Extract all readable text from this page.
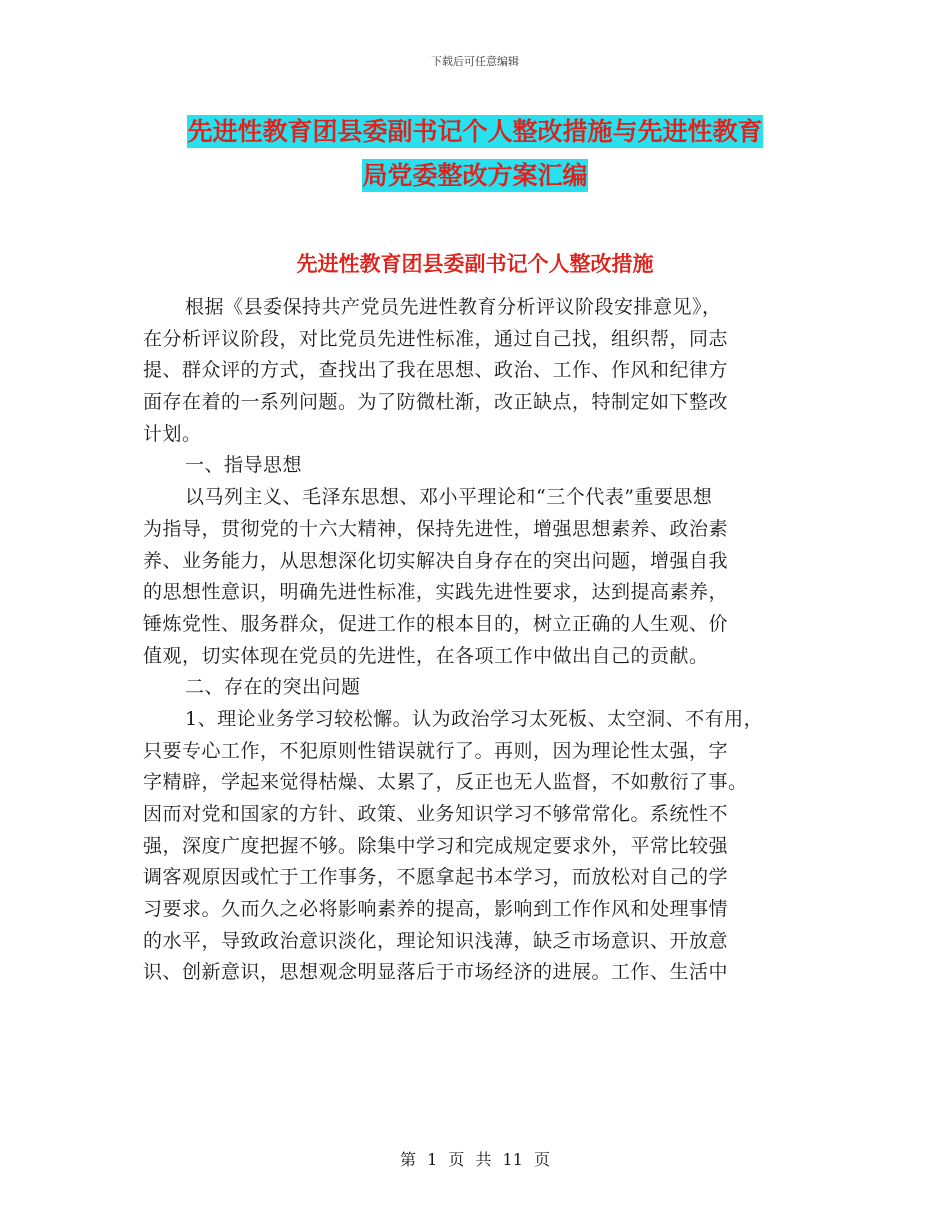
下载后可任意编辑
先进性教育团县委副书记个人整改措施与先进性教育
局党委整改方案汇编
先进性教育团县委副书记个人整改措施
根据《县委保持共产党员先进性教育分析评议阶段安排意见》，
在分析评议阶段，对比党员先进性标准，通过自己找，组织帮，同志
提、群众评的方式，查找出了我在思想、政治、工作、作风和纪律方
面存在着的一系列问题。为了防微杜渐，改正缺点，特制定如下整改
计划。
一、指导思想
以马列主义、毛泽东思想、邓小平理论和“三个代表”重要思想
为指导，贯彻党的十六大精神，保持先进性，增强思想素养、政治素
养、业务能力，从思想深化切实解决自身存在的突出问题，增强自我
的思想性意识，明确先进性标准，实践先进性要求，达到提高素养，
锤炼党性、服务群众，促进工作的根本目的，树立正确的人生观、价
值观，切实体现在党员的先进性，在各项工作中做出自己的贡献。
二、存在的突出问题
1、理论业务学习较松懈。认为政治学习太死板、太空洞、不有用，
只要专心工作，不犯原则性错误就行了。再则，因为理论性太强，字
字精辟，学起来觉得枯燥、太累了，反正也无人监督，不如敷衍了事。
因而对党和国家的方针、政策、业务知识学习不够常常化。系统性不
强，深度广度把握不够。除集中学习和完成规定要求外，平常比较强
调客观原因或忙于工作事务，不愿拿起书本学习，而放松对自己的学
习要求。久而久之必将影响素养的提高，影响到工作作风和处理事情
的水平，导致政治意识淡化，理论知识浅薄，缺乏市场意识、开放意
识、创新意识，思想观念明显落后于市场经济的进展。工作、生活中
第 1 页 共 11 页
